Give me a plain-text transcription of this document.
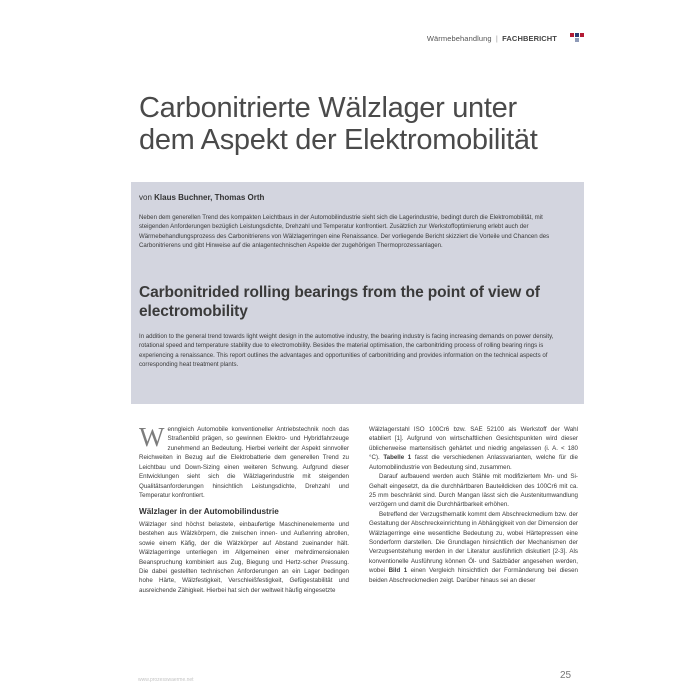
Wärmebehandlung | FACHBERICHT
Carbonitrierte Wälzlager unter dem Aspekt der Elektromobilität
von Klaus Buchner, Thomas Orth

Neben dem generellen Trend des kompakten Leichtbaus in der Automobilindustrie sieht sich die Lagerindustrie, bedingt durch die Elektromobilität, mit steigenden Anforderungen bezüglich Leistungsdichte, Drehzahl und Temperatur konfrontiert. Zusätzlich zur Werkstoffoptimierung erlebt auch der Wärmebehandlungsprozess des Carbonitrierens von Wälzlagerringen eine Renaissance. Der vorliegende Bericht skizziert die Vorteile und Chancen des Carbonitrierens und gibt Hinweise auf die anlagentechnischen Aspekte der zugehörigen Thermoprozessanlagen.

Carbonitrided rolling bearings from the point of view of electromobility

In addition to the general trend towards light weight design in the automotive industry, the bearing industry is facing increasing demands on power density, rotational speed and temperature stability due to electromobility. Besides the material optimisation, the carbonitriding process of rolling bearing rings is experiencing a renaissance. This report outlines the advantages and opportunities of carbonitriding and provides information on the technical aspects of corresponding heat treatment plants.

Wenngleich Automobile konventioneller Antriebstechnik noch das Straßenbild prägen, so gewinnen Elektro- und Hybridfahrzeuge zunehmend an Bedeutung. Hierbei verleiht der Aspekt sinnvoller Reichweiten in Bezug auf die Elektrobatterie dem generellen Trend zu Leichtbau und Down-Sizing einen weiteren Schwung. Aufgrund dieser Entwicklungen sieht sich die Wälzlagerindustrie mit steigenden Qualitätsanforderungen hinsichtlich Leistungsdichte, Drehzahl und Temperatur konfrontiert.

Wälzlager in der Automobilindustrie

Wälzlager sind höchst belastete, einbaufertige Maschinenelemente und bestehen aus Wälzkörpern, die zwischen innen- und Außenring abrollen, sowie einem Käfig, der die Wälzkörper auf Abstand zueinander hält. Wälzlagerringe unterliegen im Allgemeinen einer mehrdimensionalen Beanspruchung kombiniert aus Zug, Biegung und Hertz-scher Pressung. Die dabei gestellten technischen Anforderungen an ein Lager bedingen hohe Härte, Wälzfestigkeit, Verschleißfestigkeit, Gefügestabilität und ausreichende Zähigkeit. Hierbei hat sich der weltweit häufig eingesetzte

Wälzlagerstahl ISO 100Cr6 bzw. SAE 52100 als Werkstoff der Wahl etabliert [1]. Aufgrund von wirtschaftlichen Gesichtspunkten wird dieser üblicherweise martensitisch gehärtet und niedrig angelassen (i. A. < 180 °C). Tabelle 1 fasst die verschiedenen Anlassvarianten, welche für die Automobilindustrie von Bedeutung sind, zusammen.

Darauf aufbauend werden auch Stähle mit modifiziertem Mn- und Si-Gehalt eingesetzt, da die durchhärtbaren Bauteildicken des 100Cr6 mit ca. 25 mm beschränkt sind. Durch Mangan lässt sich die Austenitumwandlung verzögern und damit die Durchhärtbarkeit erhöhen.

Betreffend der Verzugsthematik kommt dem Abschreckmedium bzw. der Gestaltung der Abschreckeinrichtung in Abhängigkeit von der Dimension der Wälzlagerringe eine wesentliche Bedeutung zu, wobei Härtepressen eine Sonderform darstellen. Die Grundlagen hinsichtlich der Mechanismen der Verzugsentstehung werden in der Literatur ausführlich diskutiert [2-3]. Als konventionelle Ausführung können Öl- und Salzbäder angesehen werden, wobei Bild 1 einen Vergleich hinsichtlich der Formänderung bei diesen beiden Abschreckmedien zeigt. Darüber hinaus sei an dieser

www.prozesswaerme.net	25
